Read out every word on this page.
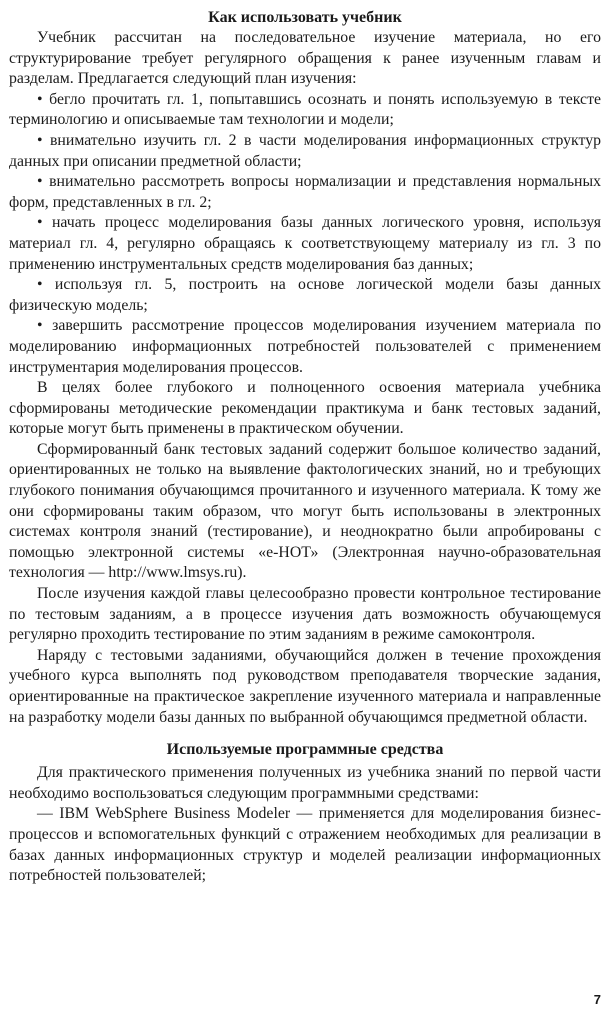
Как использовать учебник

Учебник рассчитан на последовательное изучение материала, но его структурирование требует регулярного обращения к ранее изученным главам и разделам. Предлагается следующий план изучения:

• бегло прочитать гл. 1, попытавшись осознать и понять используемую в тексте терминологию и описываемые там технологии и модели;

• внимательно изучить гл. 2 в части моделирования информационных структур данных при описании предметной области;

• внимательно рассмотреть вопросы нормализации и представления нормальных форм, представленных в гл. 2;

• начать процесс моделирования базы данных логического уровня, используя материал гл. 4, регулярно обращаясь к соответствующему материалу из гл. 3 по применению инструментальных средств моделирования баз данных;

• используя гл. 5, построить на основе логической модели базы данных физическую модель;

• завершить рассмотрение процессов моделирования изучением материала по моделированию информационных потребностей пользователей с применением инструментария моделирования процессов.

В целях более глубокого и полноценного освоения материала учебника сформированы методические рекомендации практикума и банк тестовых заданий, которые могут быть применены в практическом обучении.

Сформированный банк тестовых заданий содержит большое количество заданий, ориентированных не только на выявление фактологических знаний, но и требующих глубокого понимания обучающимся прочитанного и изученного материала. К тому же они сформированы таким образом, что могут быть использованы в электронных системах контроля знаний (тестирование), и неоднократно были апробированы с помощью электронной системы «e-НОТ» (Электронная научно-образовательная технология — http://www.lmsys.ru).

После изучения каждой главы целесообразно провести контрольное тестирование по тестовым заданиям, а в процессе изучения дать возможность обучающемуся регулярно проходить тестирование по этим заданиям в режиме самоконтроля.

Наряду с тестовыми заданиями, обучающийся должен в течение прохождения учебного курса выполнять под руководством преподавателя творческие задания, ориентированные на практическое закрепление изученного материала и направленные на разработку модели базы данных по выбранной обучающимся предметной области.

Используемые программные средства

Для практического применения полученных из учебника знаний по первой части необходимо воспользоваться следующим программными средствами:

— IBM WebSphere Business Modeler — применяется для моделирования бизнес-процессов и вспомогательных функций с отражением необходимых для реализации в базах данных информационных структур и моделей реализации информационных потребностей пользователей;

7
